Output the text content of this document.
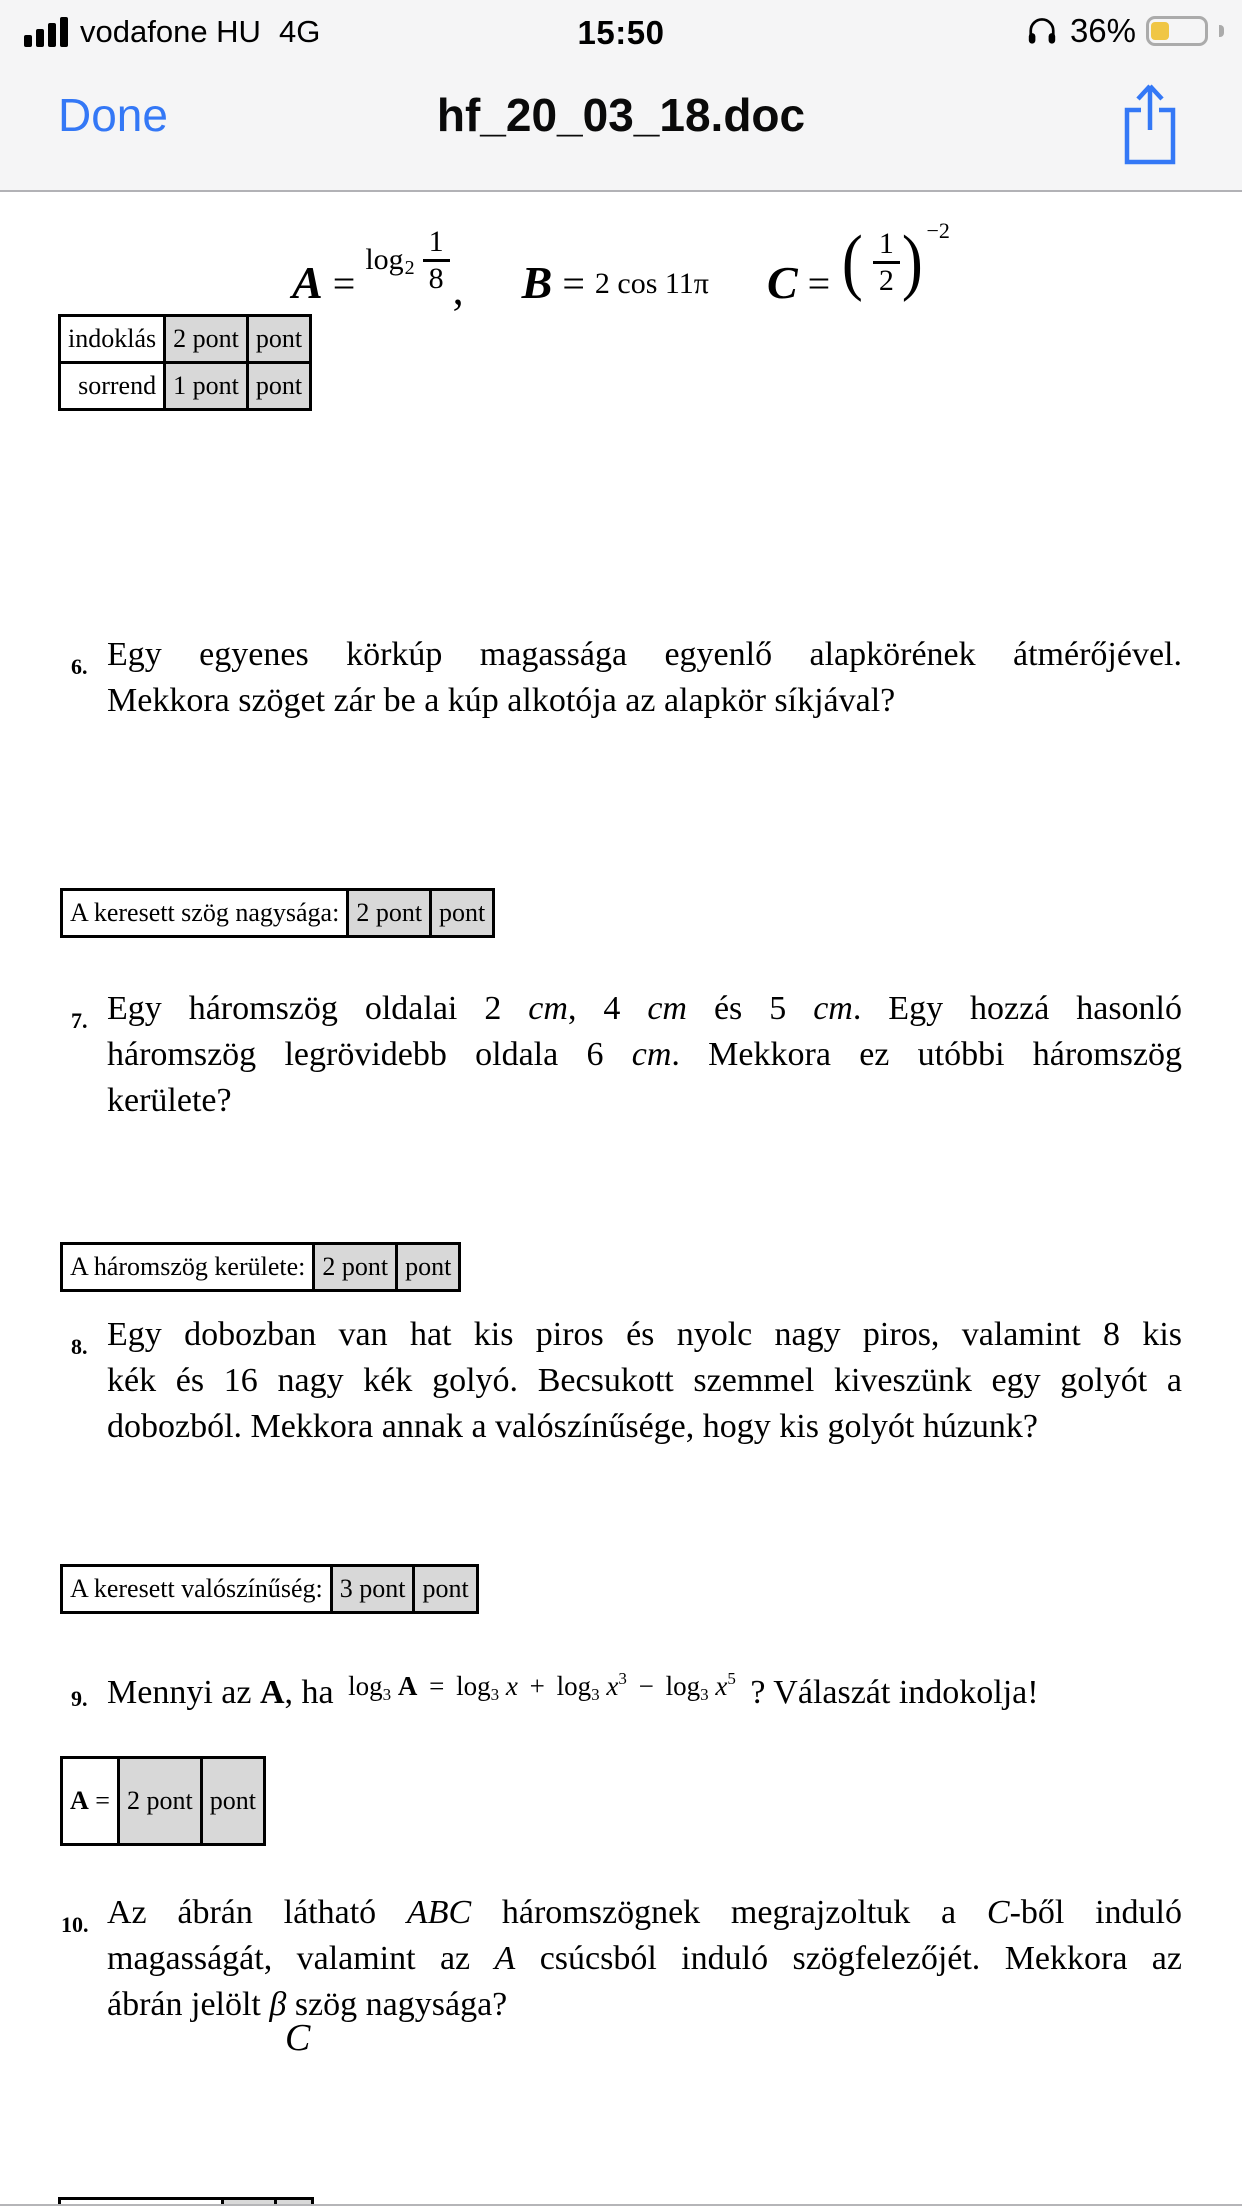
vodafone HU 4G	15:50	36%
Done	hf_20_03_18.doc
A =
$\log 2 \frac{1}{8}$ , B = 2 cos 11π C = ( $\frac{1}{2}$ ) −2
indoklás	2 pont	pont
sorrend	1 pont	pont
6. Egy egyenes körkúp magassága egyenlő alapkörének átmérőjével.
Mekkora szöget zár be a kúp alkotója az alapkör síkjával?
A keresett szög nagysága:	2 pont	pont
7. Egy háromszög oldalai 2 cm, 4 cm és 5 cm. Egy hozzá hasonló
háromszög legrövidebb oldala 6 cm. Mekkora ez utóbbi háromszög
kerülete?
A háromszög kerülete:	2 pont	pont
8. Egy dobozban van hat kis piros és nyolc nagy piros, valamint 8 kis
kék és 16 nagy kék golyó. Becsukott szemmel kiveszünk egy golyót a
dobozból. Mekkora annak a valószínűsége, hogy kis golyót húzunk?
A keresett valószínűség:	3 pont	pont
9. Mennyi az A, ha log3 A = log3 x + log3 $x^3 - \log 3$ $x^5$ ? Válaszát indokolja!
A =	2 pont	pont
10. Az ábrán látható ABC háromszögnek megrajzoltuk a C-ből induló
magasságát, valamint az A csúcsból induló szögfelezőjét. Mekkora az
ábrán jelölt β szög nagysága?
C
